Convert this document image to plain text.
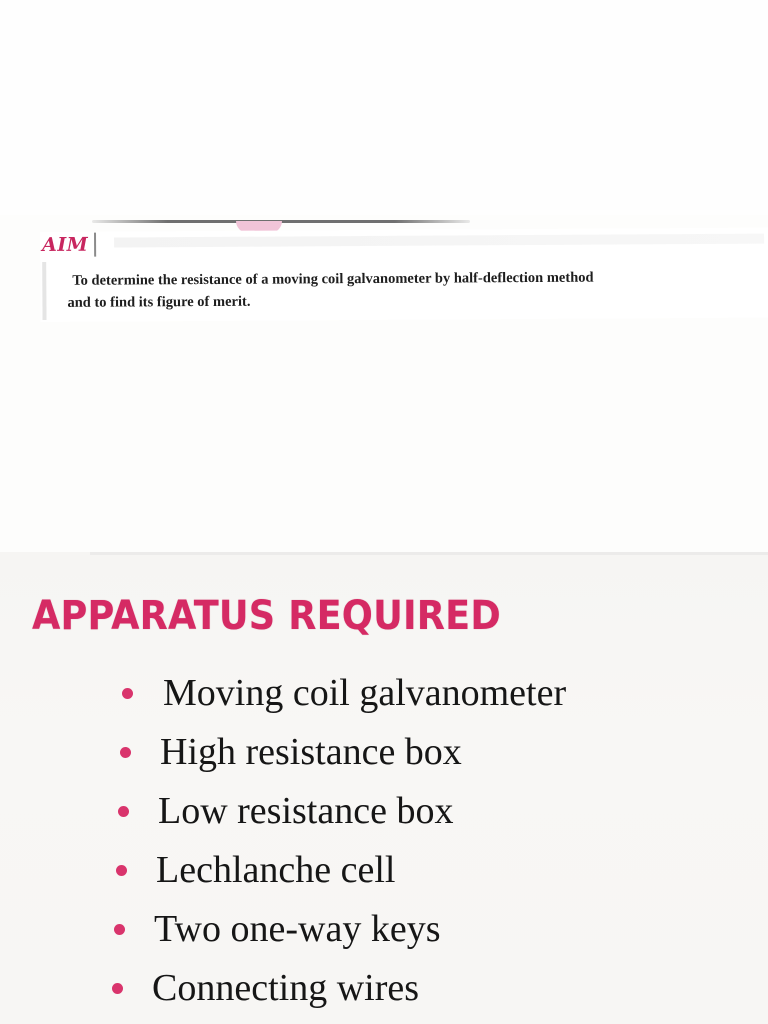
AIM
To determine the resistance of a moving coil galvanometer by half-deflection method
and to find its figure of merit.
APPARATUS REQUIRED
Moving coil galvanometer
High resistance box
Low resistance box
Lechlanche cell
Two one-way keys
Connecting wires
